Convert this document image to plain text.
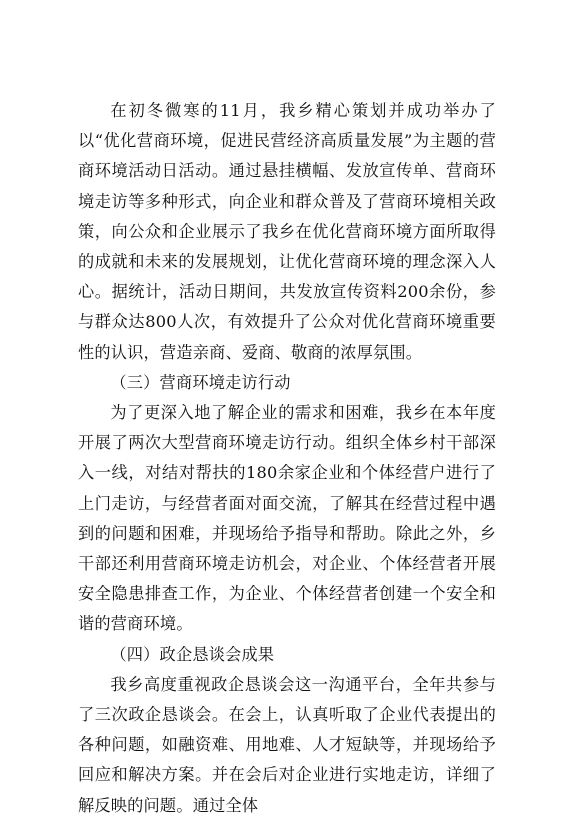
在初冬微寒的11月，我乡精心策划并成功举办了以“优化营商环境，促进民营经济高质量发展”为主题的营商环境活动日活动。通过悬挂横幅、发放宣传单、营商环境走访等多种形式，向企业和群众普及了营商环境相关政策，向公众和企业展示了我乡在优化营商环境方面所取得的成就和未来的发展规划，让优化营商环境的理念深入人心。据统计，活动日期间，共发放宣传资料200余份，参与群众达800人次，有效提升了公众对优化营商环境重要性的认识，营造亲商、爱商、敬商的浓厚氛围。

（三）营商环境走访行动

为了更深入地了解企业的需求和困难，我乡在本年度开展了两次大型营商环境走访行动。组织全体乡村干部深入一线，对结对帮扶的180余家企业和个体经营户进行了上门走访，与经营者面对面交流，了解其在经营过程中遇到的问题和困难，并现场给予指导和帮助。除此之外，乡干部还利用营商环境走访机会，对企业、个体经营者开展安全隐患排查工作，为企业、个体经营者创建一个安全和谐的营商环境。

（四）政企恳谈会成果

我乡高度重视政企恳谈会这一沟通平台，全年共参与了三次政企恳谈会。在会上，认真听取了企业代表提出的各种问题，如融资难、用地难、人才短缺等，并现场给予回应和解决方案。并在会后对企业进行实地走访，详细了解反映的问题。通过全体
